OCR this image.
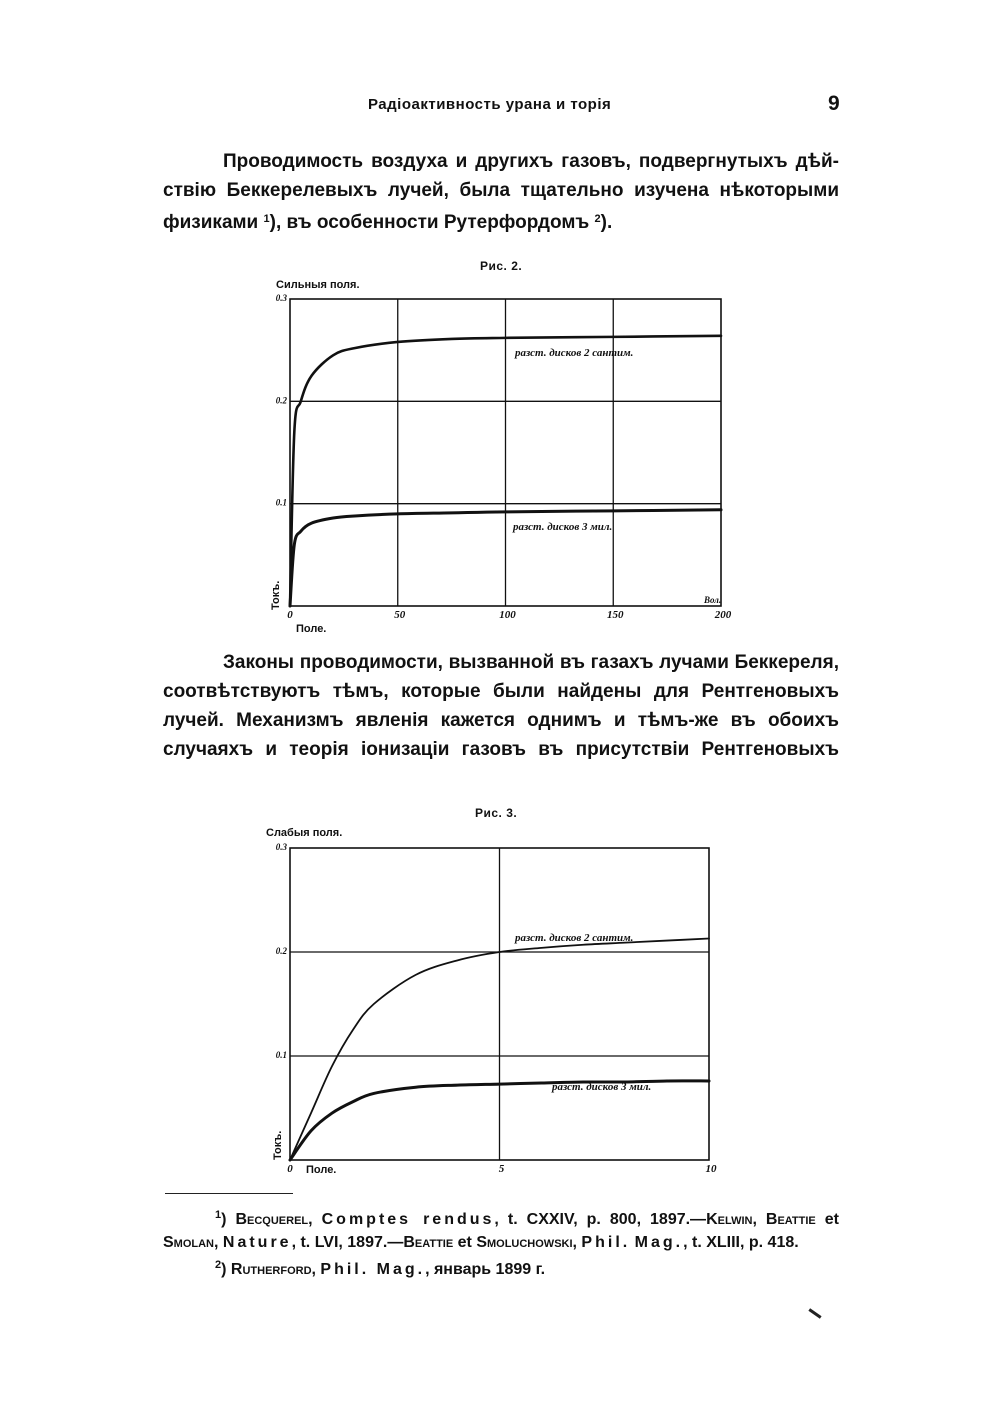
Радіоактивность урана и торія	9

Проводимость воздуха и другихъ газовъ, подвергнутыхъ дѣй-
ствію Беккерелевыхъ лучей, была тщательно изучена нѣкоторыми
физиками $^1$), въ особенности Рутерфордомъ $^2$).

Рис. 2.
Сильныя поля.
0.3
0.2
0.1
0	50	100	150	200
разст. дисков 2 сантим.
разст. дисков 3 мил.
Токъ.
Поле.
Вол.

Законы проводимости, вызванной въ газахъ лучами Беккереля,
соотвѣтствуютъ тѣмъ, которые были найдены для Рентгеновыхъ
лучей. Механизмъ явленія кажется однимъ и тѣмъ-же въ обоихъ
случаяхъ и теорія іонизаціи газовъ въ присутствіи Рентгеновыхъ

Рис. 3.
Слабыя поля.
0.3
0.2
0.1
0	5	10
разст. дисков 2 сантим.
разст. дисков 3 мил.
Токъ.
Поле.
$^1$) Becquerel, Comptes rendus, t. CXXIV, p. 800, 1897.—Kelwin, Beattie et Smolan, Nature, t. LVI, 1897.—Beattie et Smoluchowski, Phil. Mag., t. XLIII, p. 418.
$^2$) Rutherford, Phil. Mag., январь 1899 г.
